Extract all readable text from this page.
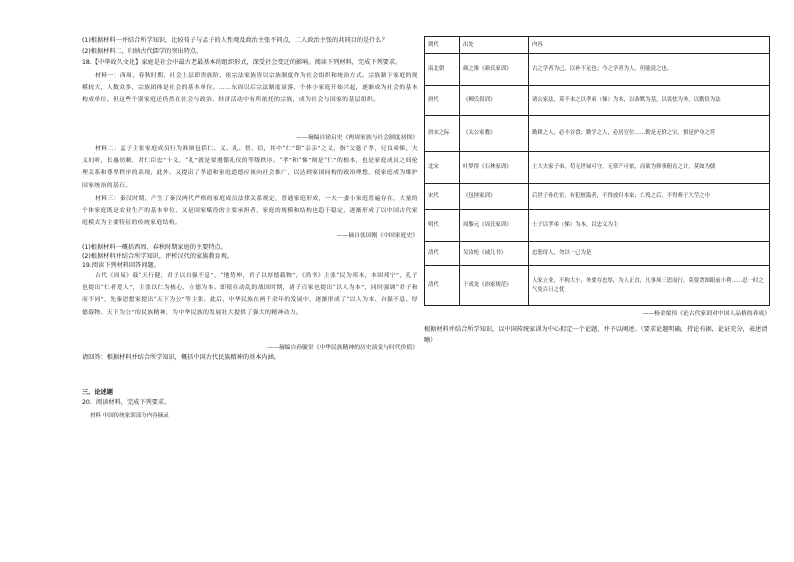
(1)根据材料一并结合所学知识，比较荀子与孟子的人性观及政治主张不同点，二人政治主张的共同目的是什么？
(2)根据材料二，归纳古代儒学的突出特点。
18.【中华故久文化】家庭是社会中最古老最基本的组织形式，深受社会变迁的影响。阅读下列材料，完成下列要求。
材料一：西周、春秋时期，社会上层即贵族阶，依宗法家族皆以宗族制度作为社会组织和统治方式。宗族制下家庭的规模较大，人数众多，宗族团体是社会的基本单位。……东周以后宗法制度衰落，个体小家庭开始兴起，逐渐成为社会的基本构成单位。但这些个别家庭还仍然在社会与政治、经济活动中有所依托的宗族，成为社会与国家的基层组织。
——摘编自徐启史《两周家族与社会制度初探》
材料二：孟子主张家庭成员行为准则包括仁、义、礼、智、信，其中“仁”即“亲亲”之义，指“父慈子孝，兄良弟悌，夫义妇听，长惠幼顺，君仁臣忠”十义，“礼”就是要遵循礼仪的等级秩序。“孝”和“悌”则是“仁”的根本，也是家庭成员之间伦理关系和尊卑秩序的表现，此外，又提出了孝道和家庭道德应该向社会推广，以达到家国同构的政治理想，使家庭成为维护国家统治的基石。
材料三：秦汉时期，产生了秦汉两代严格的家庭成员法律关系规定，普通家庭形成，一夫一妻小家庭普遍存在，大量的个体家庭既是农业生产的基本单位，又是国家赋役的主要承担者，家庭的规模和结构也趋于稳定，逐渐形成了以中国古代家庭模式为主要特征的传统家庭结构。
——摘自张国刚《中国家庭史》
(1)根据材料一概括西周、春秋时期家庭的主要特点。
(2)根据材料并结合所学知识，评析汉代的家族教育观。
19.阅读下列材料回答问题。
古代《周易》载“天行健，君子以自强不息”，“地势坤，君子以厚德载物”，《尚书》主张“民为邦本，本固邦宁”，孔子也提出“仁者爱人”，主张以仁为核心，立德为本。即使在动乱的战国时期，诸子百家也提出“以人为本”，同时强调“君子和而不同”，先秦思想家提出“天下为公”等主张。此后，中华民族在两千余年的发展中，逐渐形成了“以人为本、自强不息、厚德载物、天下为公”的民族精神，为中华民族的发展壮大提供了强大的精神动力。
——摘编自孙毓堂《中华民族精神的历史演变与时代价值》
请回答：根据材料并结合所学知识，概括中国古代民族精神的基本内涵。
三、论述题
20．阅读材料，完成下列要求。
材料 中国传统家训部分内容摘录
朝代	出处	内容
南北朝	颜之推《颜氏家训》	古之学者为己，以补不足也；今之学者为人，但能说之也。
唐代	《柳氏叙训》	诸公家法，莫不本之以孝弟（悌）为本，以恭默为基，以畏怯为务，以勤俭为法
唐宋之际	《太公家教》	勤耕之人，必丰谷食；勤学之人，必居官位……勤是无价之宝，慎是护身之符
北宋	叶梦得《石林家训》	士大夫家子弟，苟无世禄可守，无常产可依，而欲为仰事俯育之计，莫如为儒
宋代	《包拯家训》	后世子孙仕宦，有犯赃滥者，不得放归本家；亡殁之后，不得葬于大茔之中
明代	周黎元《周氏家训》	士子以孝弟（悌）为本，以忠义为主
清代	吴汝纶《诫儿书》	忠恕待人，勿以一己为是
清代	于成龙《治家规范》	人家立业，不拘大小，务要存忠厚，为人正直，凡事须三思而行，莫要贪图眼前小利……忍一时之气免百日之忧
——杨金梁伟《论古代家训对中国人品格的养成》
根据材料并结合所学知识，以中国传统家训为中心拟定一个论题，并予以阐述。（要求论题明确，持论有据，论证充分，表述清晰）
